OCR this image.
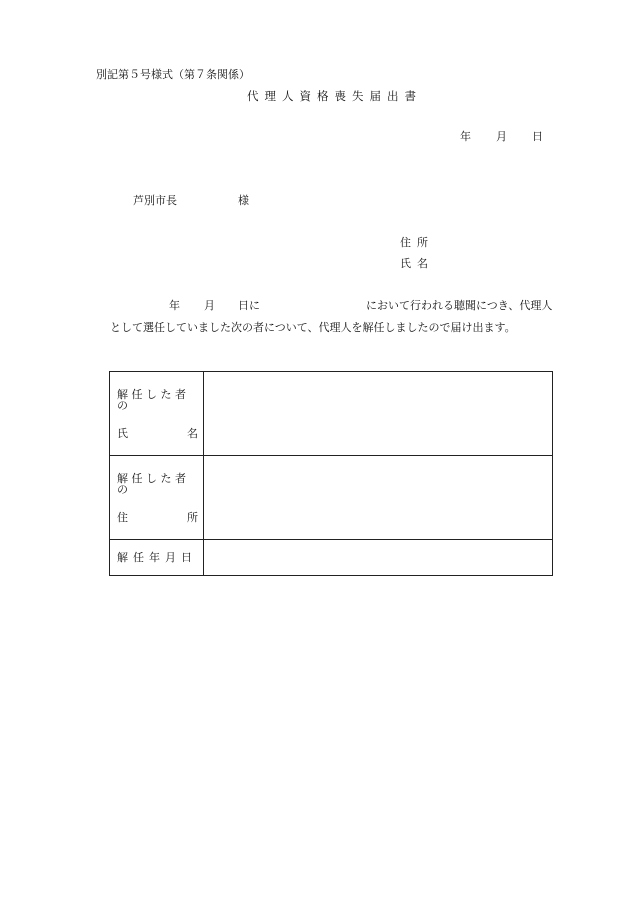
別記第５号様式（第７条関係）
代理人資格喪失届出書
年 月 日
芦別市長	様
住所
氏名
年 月 日に	において行われる聴聞につき、代理人
として選任していました次の者について、代理人を解任しましたので届け出ます。
解任した者の
氏 名	

解任した者の
住 所	

解任年月日	
